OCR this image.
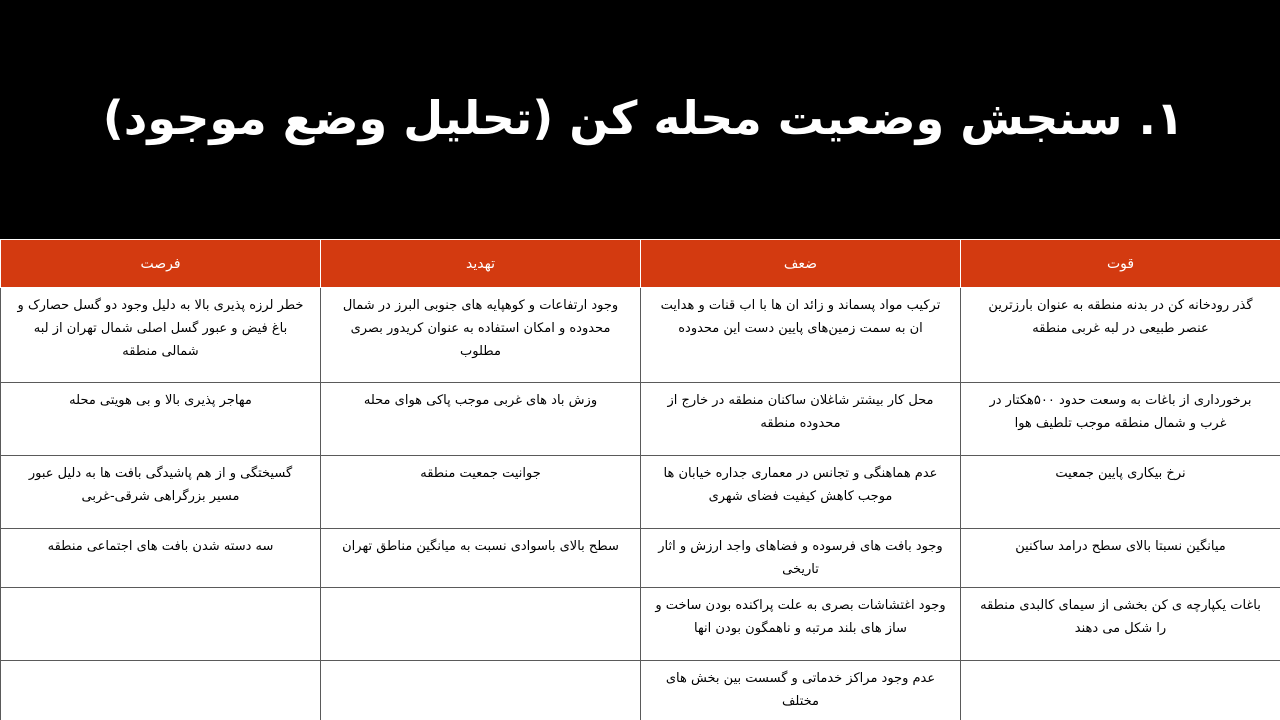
۱. سنجش وضعیت محله کن (تحلیل وضع موجود)
قوت	ضعف	تهدید	فرصت
گذر رودخانه کن در بدنه منطقه به عنوان بارزترین عنصر طبیعی در لبه غربی منطقه	ترکیب مواد پسماند و زائد ان ها با اب قنات و هدایت ان به سمت زمین‌های پایین دست این محدوده	وجود ارتفاعات و کوهپایه های جنوبی البرز در شمال محدوده و امکان استفاده به عنوان کریدور بصری مطلوب	خطر لرزه پذیری بالا به دلیل وجود دو گسل حصارک و باغ فیض و عبور گسل اصلی شمال تهران از لبه شمالی منطقه
برخورداری از باغات به وسعت حدود ۵۰۰هکتار در غرب و شمال منطقه موجب تلطیف هوا	محل کار بیشتر شاغلان ساکنان منطقه در خارج از محدوده منطقه	وزش باد های غربی موجب پاکی هوای محله	مهاجر پذیری بالا و بی هویتی محله
نرخ بیکاری پایین جمعیت	عدم هماهنگی و تجانس در معماری جداره خیابان ها موجب کاهش کیفیت فضای شهری	جوانیت جمعیت منطقه	گسیختگی و از هم پاشیدگی بافت ها به دلیل عبور مسیر بزرگراهی شرقی-غربی
میانگین نسبتا بالای سطح درامد ساکنین	وجود بافت های فرسوده و فضاهای واجد ارزش و اثار تاریخی	سطح بالای باسوادی نسبت به میانگین مناطق تهران	سه دسته شدن بافت های اجتماعی منطقه
باغات یکپارچه ی کن بخشی از سیمای کالبدی منطقه را شکل می دهند	وجود اغتشاشات بصری به علت پراکنده بودن ساخت و ساز های بلند مرتبه و ناهمگون بودن انها		
	عدم وجود مراکز خدماتی و گسست بین بخش های مختلف		
